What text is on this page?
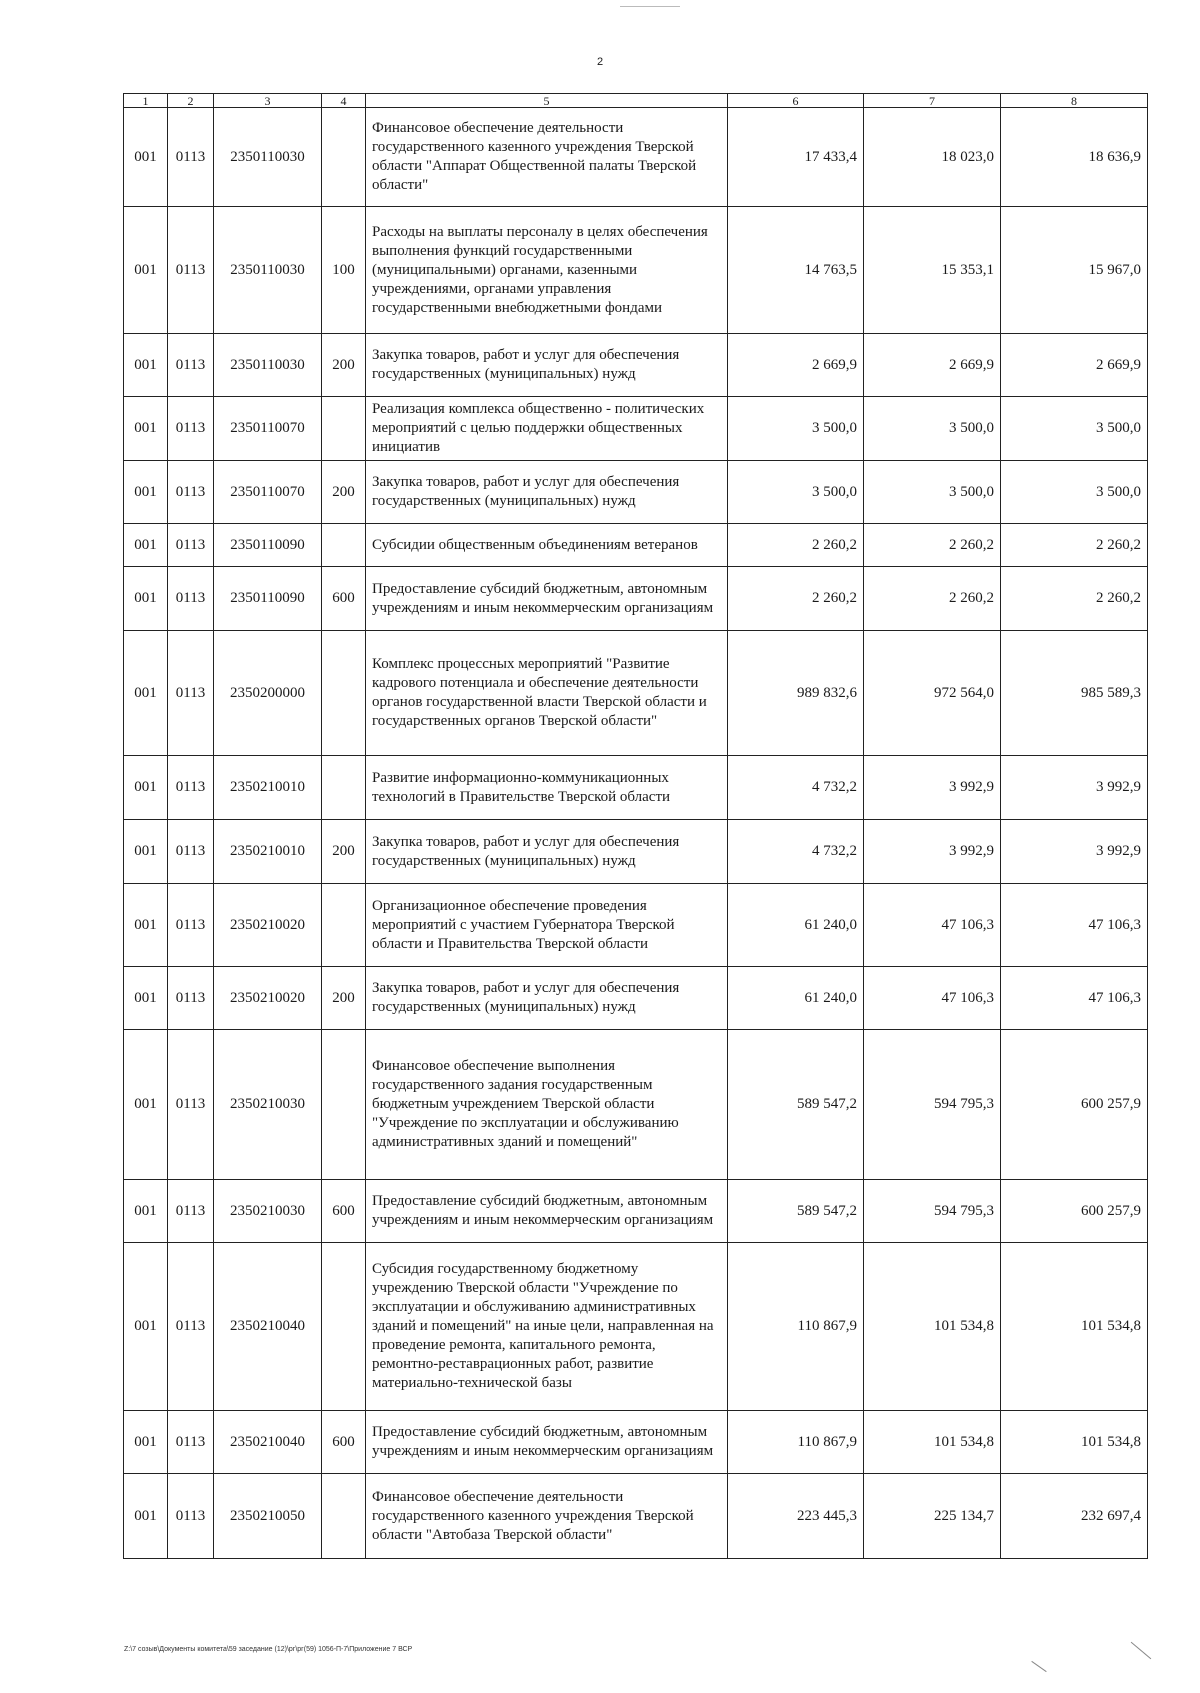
2
1	2	3	4	5	6	7	8
001	0113	2350110030		Финансовое обеспечение деятельности государственного казенного учреждения Тверской области "Аппарат Общественной палаты Тверской области"	17 433,4	18 023,0	18 636,9
001	0113	2350110030	100	Расходы на выплаты персоналу в целях обеспечения выполнения функций государственными (муниципальными) органами, казенными учреждениями, органами управления государственными внебюджетными фондами	14 763,5	15 353,1	15 967,0
001	0113	2350110030	200	Закупка товаров, работ и услуг для обеспечения государственных (муниципальных) нужд	2 669,9	2 669,9	2 669,9
001	0113	2350110070		Реализация комплекса общественно - политических мероприятий с целью поддержки общественных инициатив	3 500,0	3 500,0	3 500,0
001	0113	2350110070	200	Закупка товаров, работ и услуг для обеспечения государственных (муниципальных) нужд	3 500,0	3 500,0	3 500,0
001	0113	2350110090		Субсидии общественным объединениям ветеранов	2 260,2	2 260,2	2 260,2
001	0113	2350110090	600	Предоставление субсидий бюджетным, автономным учреждениям и иным некоммерческим организациям	2 260,2	2 260,2	2 260,2
001	0113	2350200000		Комплекс процессных мероприятий "Развитие кадрового потенциала и обеспечение деятельности органов государственной власти Тверской области и государственных органов Тверской области"	989 832,6	972 564,0	985 589,3
001	0113	2350210010		Развитие информационно-коммуникационных технологий в Правительстве Тверской области	4 732,2	3 992,9	3 992,9
001	0113	2350210010	200	Закупка товаров, работ и услуг для обеспечения государственных (муниципальных) нужд	4 732,2	3 992,9	3 992,9
001	0113	2350210020		Организационное обеспечение проведения мероприятий с участием Губернатора Тверской области и Правительства Тверской области	61 240,0	47 106,3	47 106,3
001	0113	2350210020	200	Закупка товаров, работ и услуг для обеспечения государственных (муниципальных) нужд	61 240,0	47 106,3	47 106,3
001	0113	2350210030		Финансовое обеспечение выполнения государственного задания государственным бюджетным учреждением Тверской области "Учреждение по эксплуатации и обслуживанию административных зданий и помещений"	589 547,2	594 795,3	600 257,9
001	0113	2350210030	600	Предоставление субсидий бюджетным, автономным учреждениям и иным некоммерческим организациям	589 547,2	594 795,3	600 257,9
001	0113	2350210040		Субсидия государственному бюджетному учреждению Тверской области "Учреждение по эксплуатации и обслуживанию административных зданий и помещений" на иные цели, направленная на проведение ремонта, капитального ремонта, ремонтно-реставрационных работ, развитие материально-технической базы	110 867,9	101 534,8	101 534,8
001	0113	2350210040	600	Предоставление субсидий бюджетным, автономным учреждениям и иным некоммерческим организациям	110 867,9	101 534,8	101 534,8
001	0113	2350210050		Финансовое обеспечение деятельности государственного казенного учреждения Тверской области "Автобаза Тверской области"	223 445,3	225 134,7	232 697,4
Z:\7 созыв\Документы комитета\59 заседание (12)\рг\рг(59) 1056-П-7\Приложение 7 ВСР
